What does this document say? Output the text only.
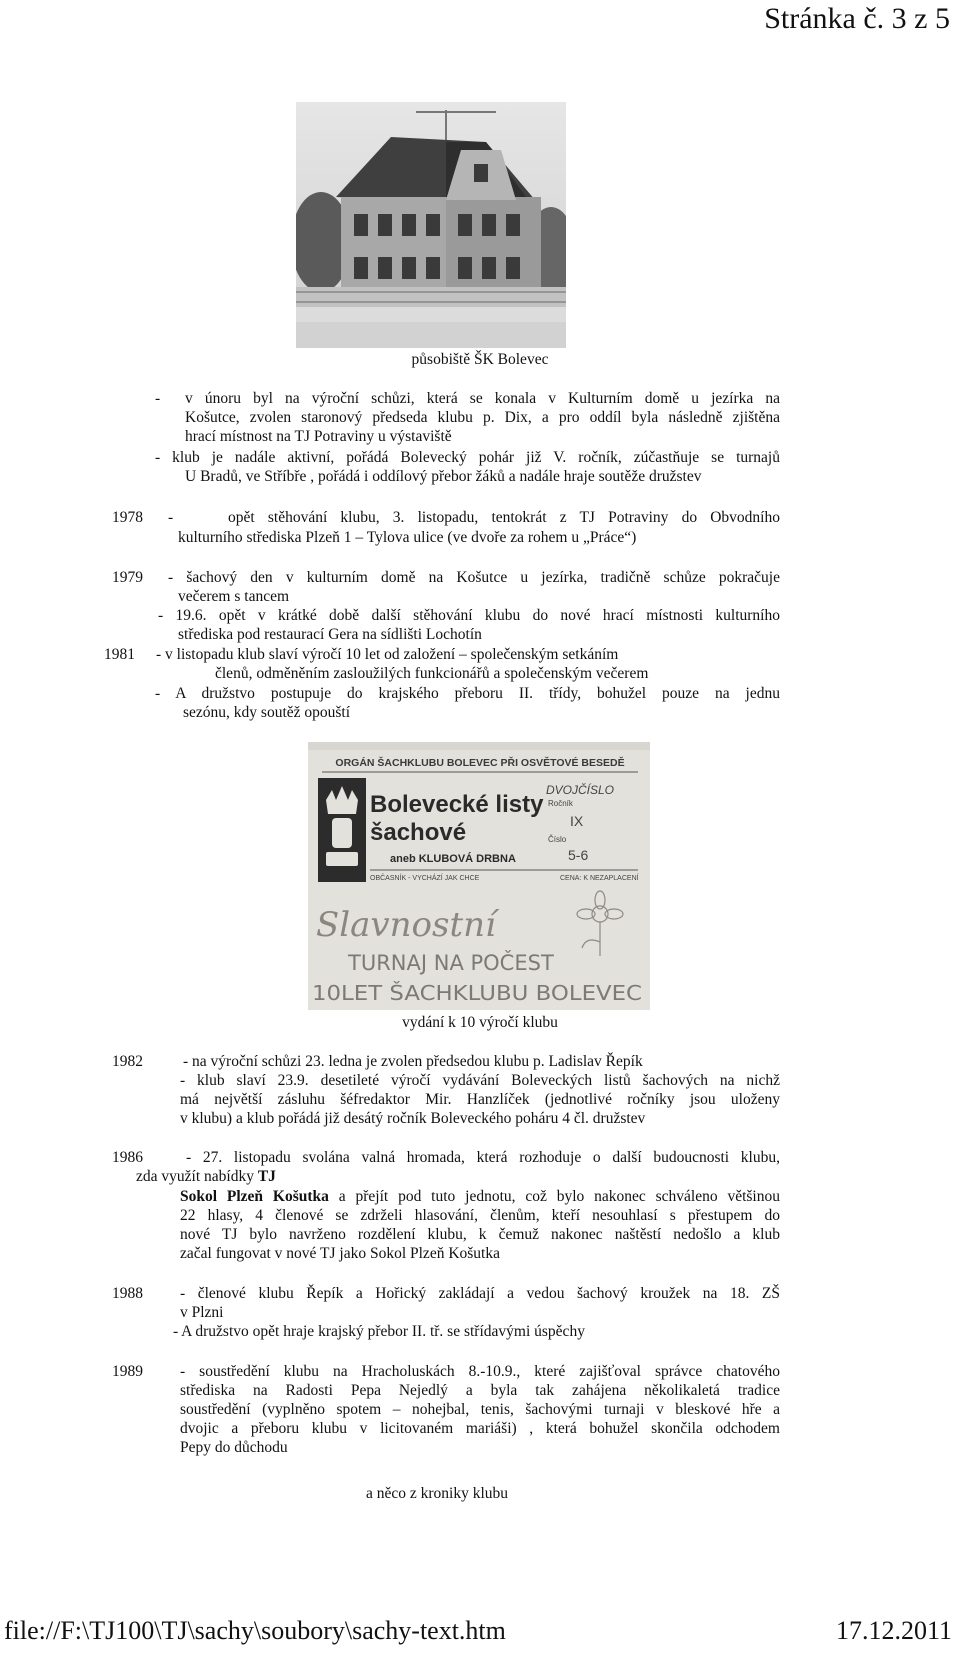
Stránka č. 3 z 5
působiště ŠK Bolevec
- v únoru byl na výroční schůzi, která se konala v Kulturním domě u jezírka na
Košutce, zvolen staronový předseda klubu p. Dix, a pro oddíl byla následně zjištěna
hrací místnost na TJ Potraviny u výstaviště
- klub je nadále aktivní, pořádá Bolevecký pohár již V. ročník, zúčastňuje se turnajů
U Bradů, ve Stříbře , pořádá i oddílový přebor žáků a nadále hraje soutěže družstev
1978 -	opět stěhování klubu, 3. listopadu, tentokrát z TJ Potraviny do Obvodního
kulturního střediska Plzeň 1 – Tylova ulice (ve dvoře za rohem u „Práce“)
1979 - šachový den v kulturním domě na Košutce u jezírka, tradičně schůze pokračuje
večerem s tancem
- 19.6. opět v krátké době další stěhování klubu do nové hrací místnosti kulturního
střediska pod restaurací Gera na sídlišti Lochotín
1981 - v listopadu klub slaví výročí 10 let od založení – společenským setkáním
členů, odměněním zasloužilých funkcionářů a společenským večerem
- A družstvo postupuje do krajského přeboru II. třídy, bohužel pouze na jednu
sezónu, kdy soutěž opouští
ORGÁN ŠACHKLUBU BOLEVEC PŘI OSVĚTOVÉ BESEDĚ
Bolevecké listy
šachové
aneb KLUBOVÁ DRBNA
DVOJČÍSLO
Ročník
IX
Číslo
5-6
OBČASNÍK - VYCHÁZÍ JAK CHCE	CENA: K NEZAPLACENÍ
Slavnostní
TURNAJ NA POČEST
10LET ŠACHKLUBU BOLEVEC
vydání k 10 výročí klubu
1982	- na výroční schůzi 23. ledna je zvolen předsedou klubu p. Ladislav Řepík
- klub slaví 23.9. desetileté výročí vydávání Boleveckých listů šachových na nichž
má největší zásluhu šéfredaktor Mir. Hanzlíček (jednotlivé ročníky jsou uloženy
v klubu) a klub pořádá již desátý ročník Boleveckého poháru 4 čl. družstev
1986	- 27. listopadu svolána valná hromada, která rozhoduje o další budoucnosti klubu,
zda využít nabídky TJ
Sokol Plzeň Košutka a přejít pod tuto jednotu, což bylo nakonec schváleno většinou
22 hlasy, 4 členové se zdrželi hlasování, členům, kteří nesouhlasí s přestupem do
nové TJ bylo navrženo rozdělení klubu, k čemuž nakonec naštěstí nedošlo a klub
začal fungovat v nové TJ jako Sokol Plzeň Košutka
1988 - členové klubu Řepík a Hořický zakládají a vedou šachový kroužek na 18. ZŠ
v Plzni
- A družstvo opět hraje krajský přebor II. tř. se střídavými úspěchy
1989 - soustředění klubu na Hracholuskách 8.-10.9., které zajišťoval správce chatového
střediska na Radosti Pepa Nejedlý a byla tak zahájena několikaletá tradice
soustředění (vyplněno spotem – nohejbal, tenis, šachovými turnaji v bleskové hře a
dvojic a přeboru klubu v licitovaném mariáši) , která bohužel skončila odchodem
Pepy do důchodu
a něco z kroniky klubu
file://F:\TJ100\TJ\sachy\soubory\sachy-text.htm	17.12.2011
